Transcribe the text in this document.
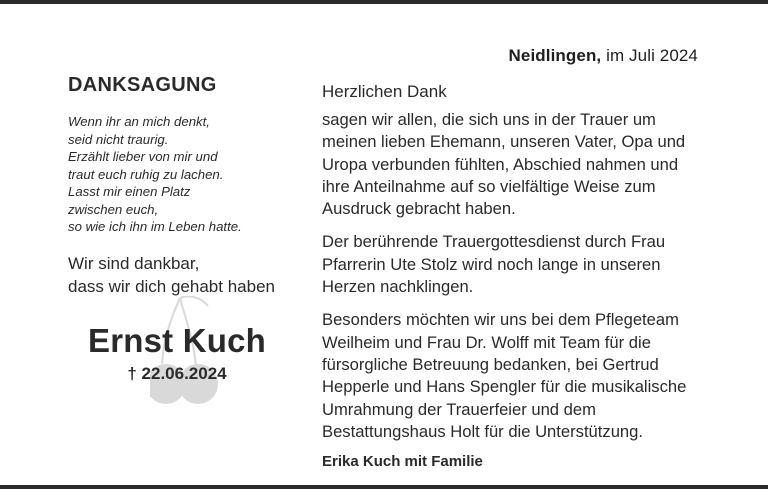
Neidlingen, im Juli 2024
DANKSAGUNG
Wenn ihr an mich denkt,
seid nicht traurig.
Erzählt lieber von mir und
traut euch ruhig zu lachen.
Lasst mir einen Platz
zwischen euch,
so wie ich ihn im Leben hatte.
Wir sind dankbar,
dass wir dich gehabt haben
Ernst Kuch
† 22.06.2024
Herzlichen Dank
sagen wir allen, die sich uns in der Trauer um
meinen lieben Ehemann, unseren Vater, Opa und
Uropa verbunden fühlten, Abschied nahmen und
ihre Anteilnahme auf so vielfältige Weise zum
Ausdruck gebracht haben.
Der berührende Trauergottesdienst durch Frau
Pfarrerin Ute Stolz wird noch lange in unseren
Herzen nachklingen.
Besonders möchten wir uns bei dem Pflegeteam
Weilheim und Frau Dr. Wolff mit Team für die
fürsorgliche Betreuung bedanken, bei Gertrud
Hepperle und Hans Spengler für die musikalische
Umrahmung der Trauerfeier und dem
Bestattungshaus Holt für die Unterstützung.
Erika Kuch mit Familie
